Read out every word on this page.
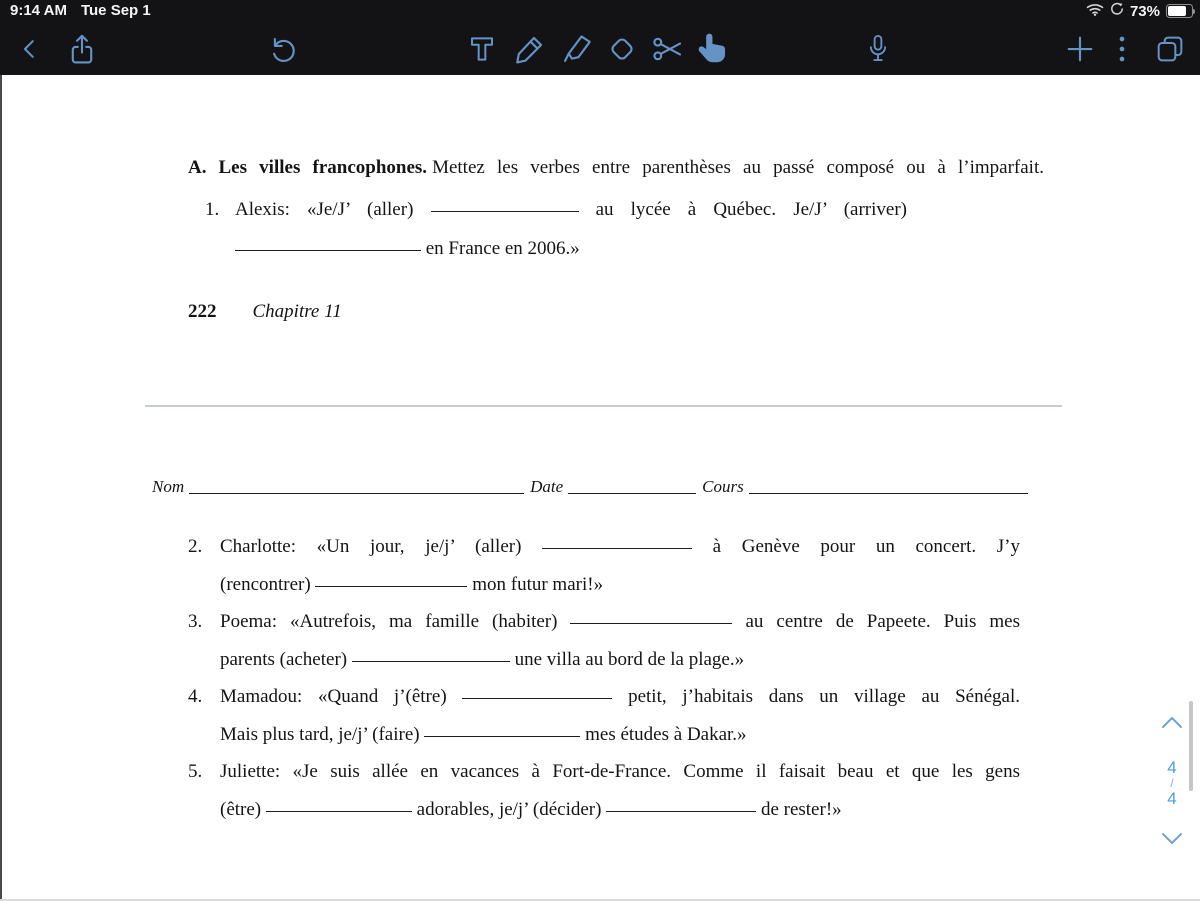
9:14 AM Tue Sep 1	73%
A. Les villes francophones. Mettez les verbes entre parenthèses au passé composé ou à l’imparfait.
1. Alexis: «Je/J’ (aller)	au lycée à Québec. Je/J’ (arriver)
en France en 2006.»
222 Chapitre 11
Nom	Date	Cours
2. Charlotte: «Un jour, je/j’ (aller)	à Genève pour un concert. J’y
(rencontrer)	mon futur mari!»
3. Poema: «Autrefois, ma famille (habiter)	au centre de Papeete. Puis mes
parents (acheter)	une villa au bord de la plage.»
4. Mamadou: «Quand j’(être)	petit, j’habitais dans un village au Sénégal.
Mais plus tard, je/j’ (faire)	mes études à Dakar.»
5. Juliette: «Je suis allée en vacances à Fort-de-France. Comme il faisait beau et que les gens
(être)	adorables, je/j’ (décider)	de rester!»
4
/
4
